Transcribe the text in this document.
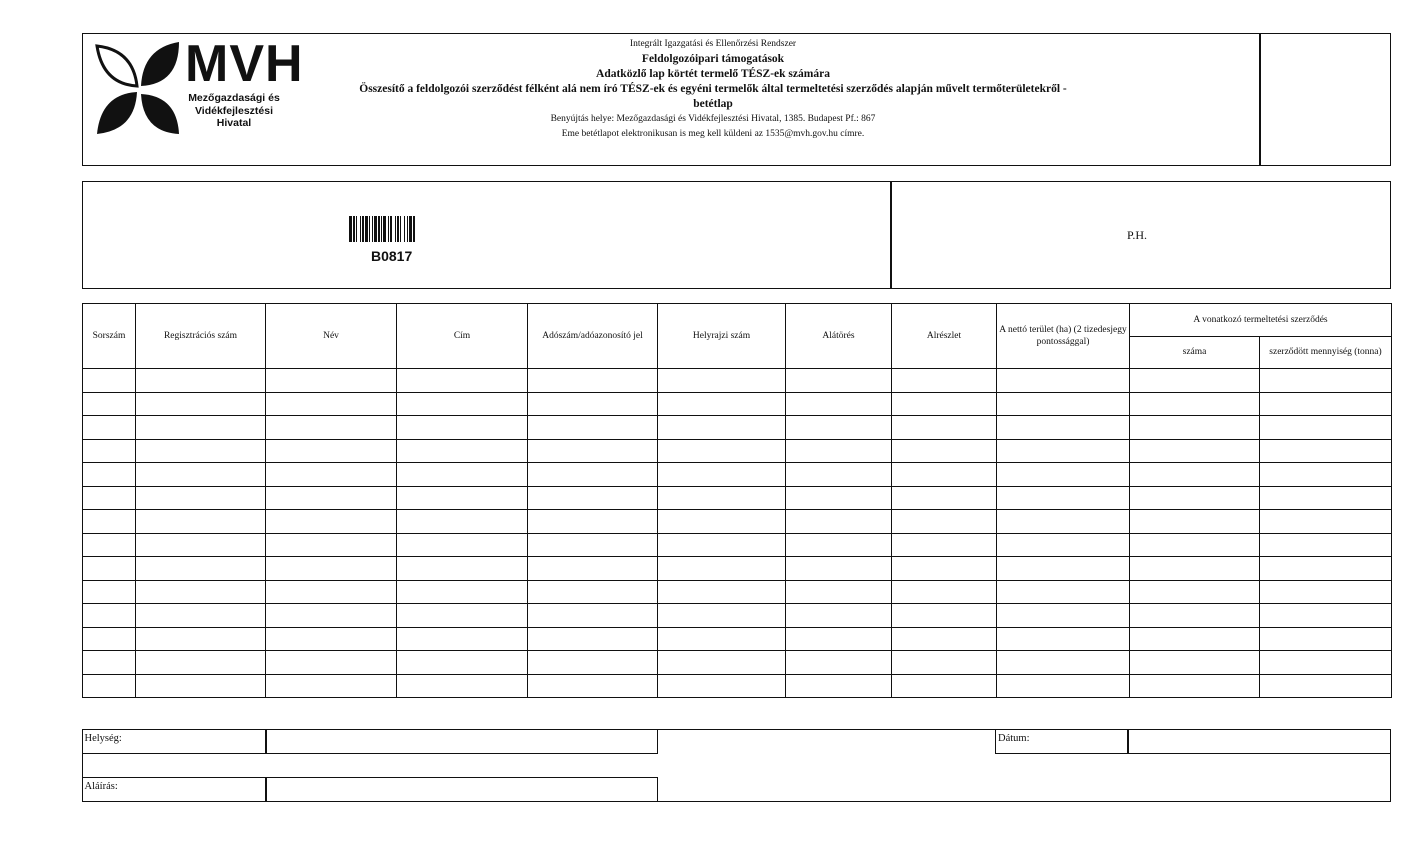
MVH
Mezőgazdasági és Vidékfejlesztési Hivatal
Integrált Igazgatási és Ellenőrzési Rendszer
Feldolgozóipari támogatások
Adatközlő lap körtét termelő TÉSZ-ek számára
Összesítő a feldolgozói szerződést félként alá nem író TÉSZ-ek és egyéni termelők által termeltetési szerződés alapján művelt termőterületekről -
betétlap
Benyújtás helye: Mezőgazdasági és Vidékfejlesztési Hivatal, 1385. Budapest Pf.: 867
Eme betétlapot elektronikusan is meg kell küldeni az 1535@mvh.gov.hu címre.
B0817
P.H.
Sorszám	Regisztrációs szám	Név	Cím	Adószám/adóazonosító jel	Helyrajzi szám	Alátörés	Alrészlet	A nettó terület (ha) (2 tizedesjegy pontossággal)	A vonatkozó termeltetési szerződés	
									száma	szerződött mennyiség (tonna)

Helység:	Dátum:
Aláírás:
